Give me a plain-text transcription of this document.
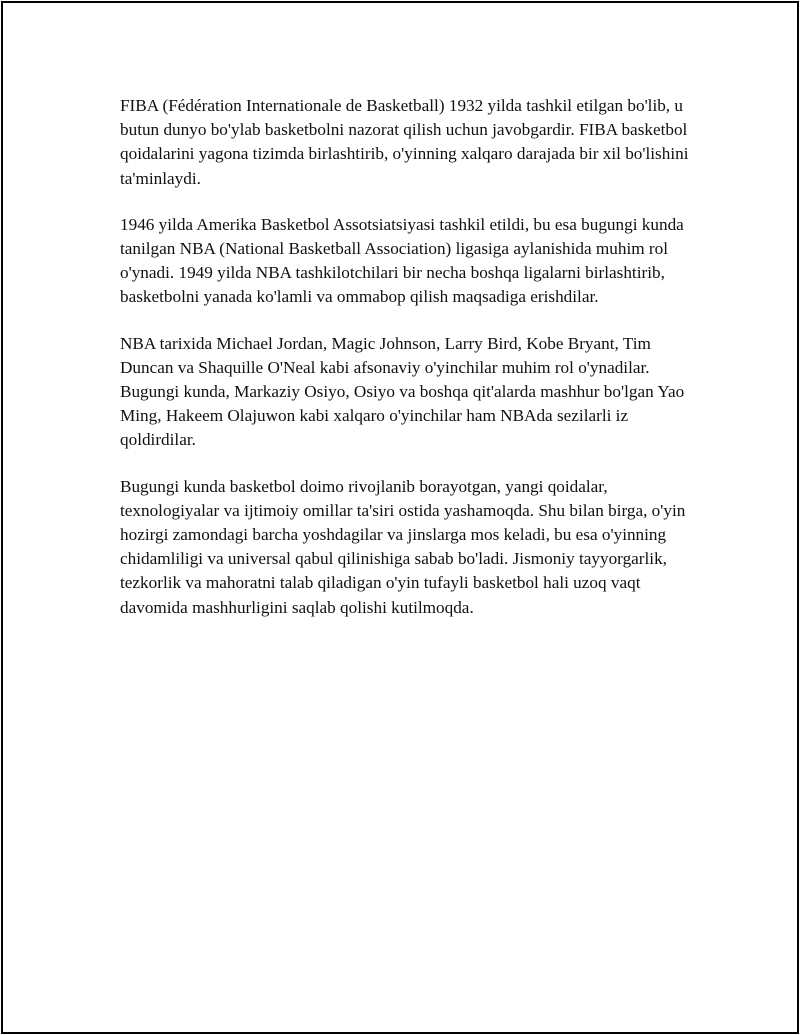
FIBA (Fédération Internationale de Basketball) 1932 yilda tashkil etilgan bo'lib, u butun dunyo bo'ylab basketbolni nazorat qilish uchun javobgardir. FIBA basketbol qoidalarini yagona tizimda birlashtirib, o'yinning xalqaro darajada bir xil bo'lishini ta'minlaydi.

1946 yilda Amerika Basketbol Assotsiatsiyasi tashkil etildi, bu esa bugungi kunda tanilgan NBA (National Basketball Association) ligasiga aylanishida muhim rol o'ynadi. 1949 yilda NBA tashkilotchilari bir necha boshqa ligalarni birlashtirib, basketbolni yanada ko'lamli va ommabop qilish maqsadiga erishdilar.

NBA tarixida Michael Jordan, Magic Johnson, Larry Bird, Kobe Bryant, Tim Duncan va Shaquille O'Neal kabi afsonaviy o'yinchilar muhim rol o'ynadilar. Bugungi kunda, Markaziy Osiyo, Osiyo va boshqa qit'alarda mashhur bo'lgan Yao Ming, Hakeem Olajuwon kabi xalqaro o'yinchilar ham NBAda sezilarli iz qoldirdilar.

Bugungi kunda basketbol doimo rivojlanib borayotgan, yangi qoidalar, texnologiyalar va ijtimoiy omillar ta'siri ostida yashamoqda. Shu bilan birga, o'yin hozirgi zamondagi barcha yoshdagilar va jinslarga mos keladi, bu esa o'yinning chidamliligi va universal qabul qilinishiga sabab bo'ladi. Jismoniy tayyorgarlik, tezkorlik va mahoratni talab qiladigan o'yin tufayli basketbol hali uzoq vaqt davomida mashhurligini saqlab qolishi kutilmoqda.
